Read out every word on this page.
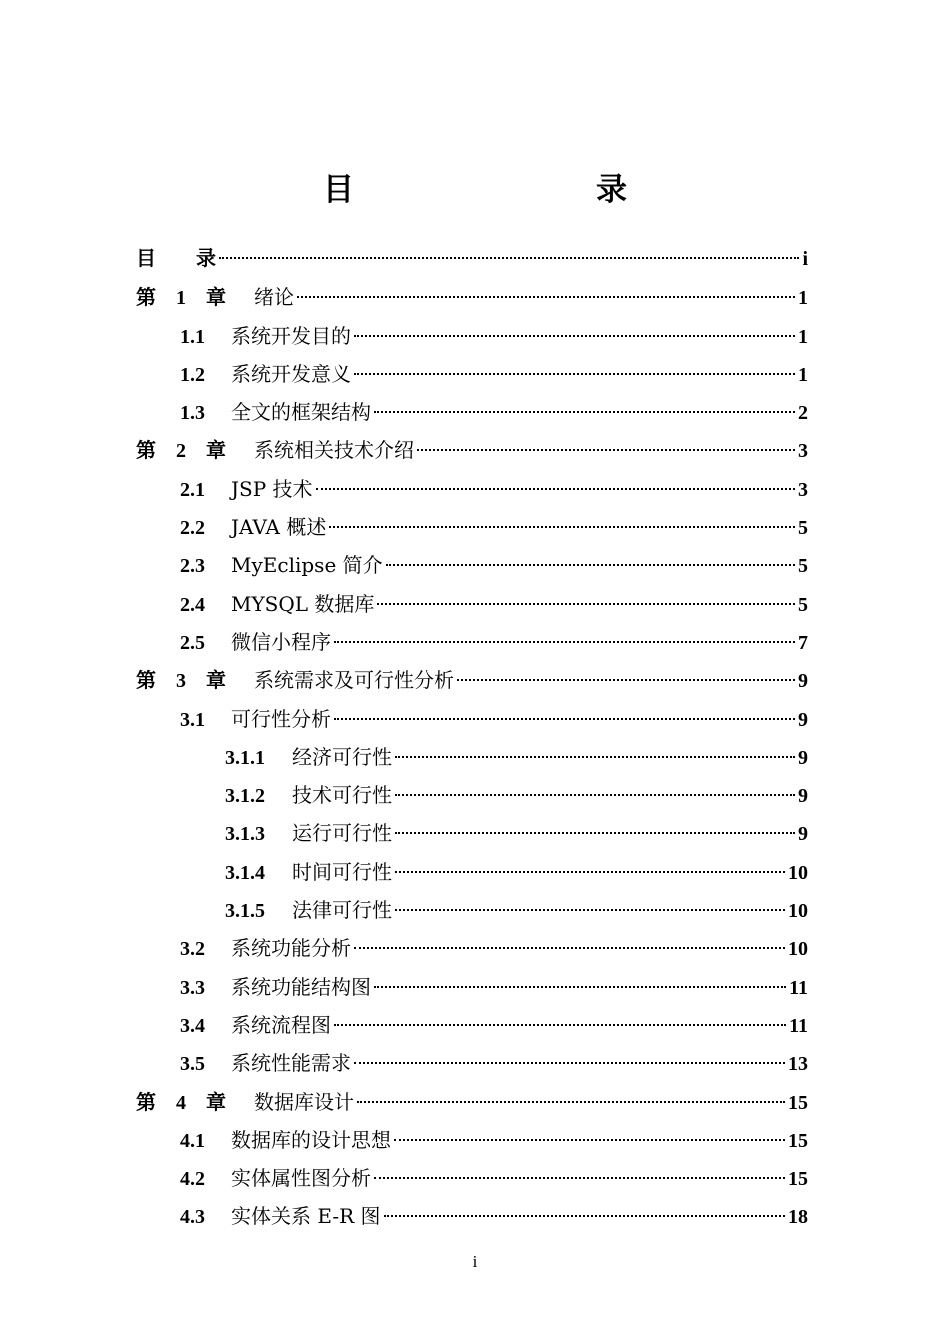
目　　录
目　　录	i
第　1　章	绪论	1
1.1	系统开发目的	1
1.2	系统开发意义	1
1.3	全文的框架结构	2
第　2　章	系统相关技术介绍	3
2.1	JSP 技术	3
2.2	JAVA 概述	5
2.3	MyEclipse 简介	5
2.4	MYSQL 数据库	5
2.5	微信小程序	7
第　3　章	系统需求及可行性分析	9
3.1	可行性分析	9
3.1.1	经济可行性	9
3.1.2	技术可行性	9
3.1.3	运行可行性	9
3.1.4	时间可行性	10
3.1.5	法律可行性	10
3.2	系统功能分析	10
3.3	系统功能结构图	11
3.4	系统流程图	11
3.5	系统性能需求	13
第　4　章	数据库设计	15
4.1	数据库的设计思想	15
4.2	实体属性图分析	15
4.3	实体关系 E-R 图	18
i
